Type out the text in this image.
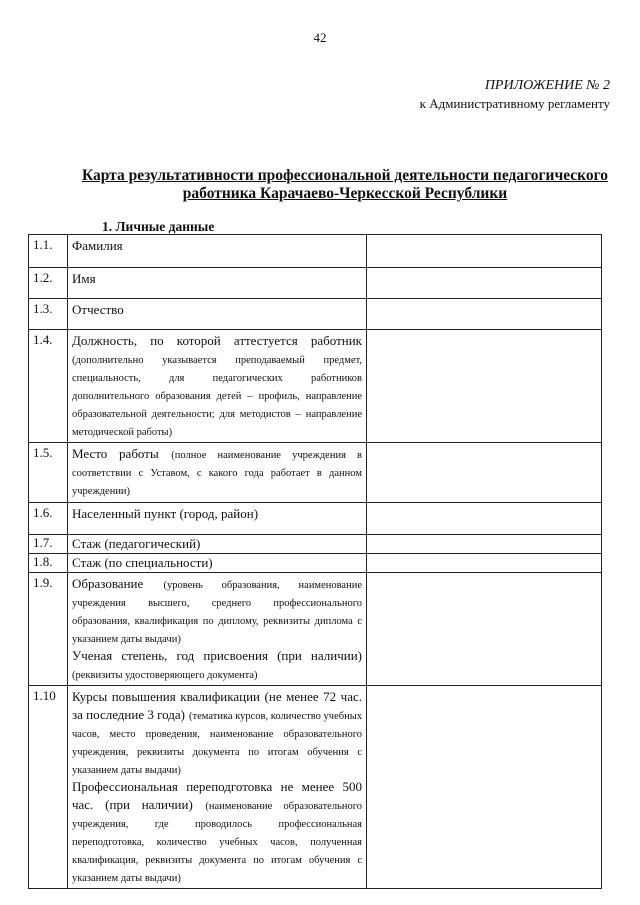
42
ПРИЛОЖЕНИЕ № 2
к Административному регламенту
Карта результативности профессиональной деятельности педагогического
работника Карачаево-Черкесской Республики
1. Личные данные
1.1.	Фамилия	
1.2.	Имя	
1.3.	Отчество	
1.4.	Должность, по которой аттестуется работник (дополнительно указывается преподаваемый предмет, специальность, для педагогических работников дополнительного образования детей – профиль, направление образовательной деятельности; для методистов – направление методической работы)	
1.5.	Место работы (полное наименование учреждения в соответствии с Уставом, с какого года работает в данном учреждении)	
1.6.	Населенный пункт (город, район)	
1.7.	Стаж (педагогический)	
1.8.	Стаж (по специальности)	
1.9.	Образование (уровень образования, наименование учреждения высшего, среднего профессионального образования, квалификация по диплому, реквизиты диплома с указанием даты выдачи)
Ученая степень, год присвоения (при наличии) (реквизиты удостоверяющего документа)	
1.10	Курсы повышения квалификации (не менее 72 час. за последние 3 года) (тематика курсов, количество учебных часов, место проведения, наименование образовательного учреждения, реквизиты документа по итогам обучения с указанием даты выдачи)
Профессиональная переподготовка не менее 500 час. (при наличии) (наименование образовательного учреждения, где проводилось профессиональная переподготовка, количество учебных часов, полученная квалификация, реквизиты документа по итогам обучения с указанием даты выдачи)	
